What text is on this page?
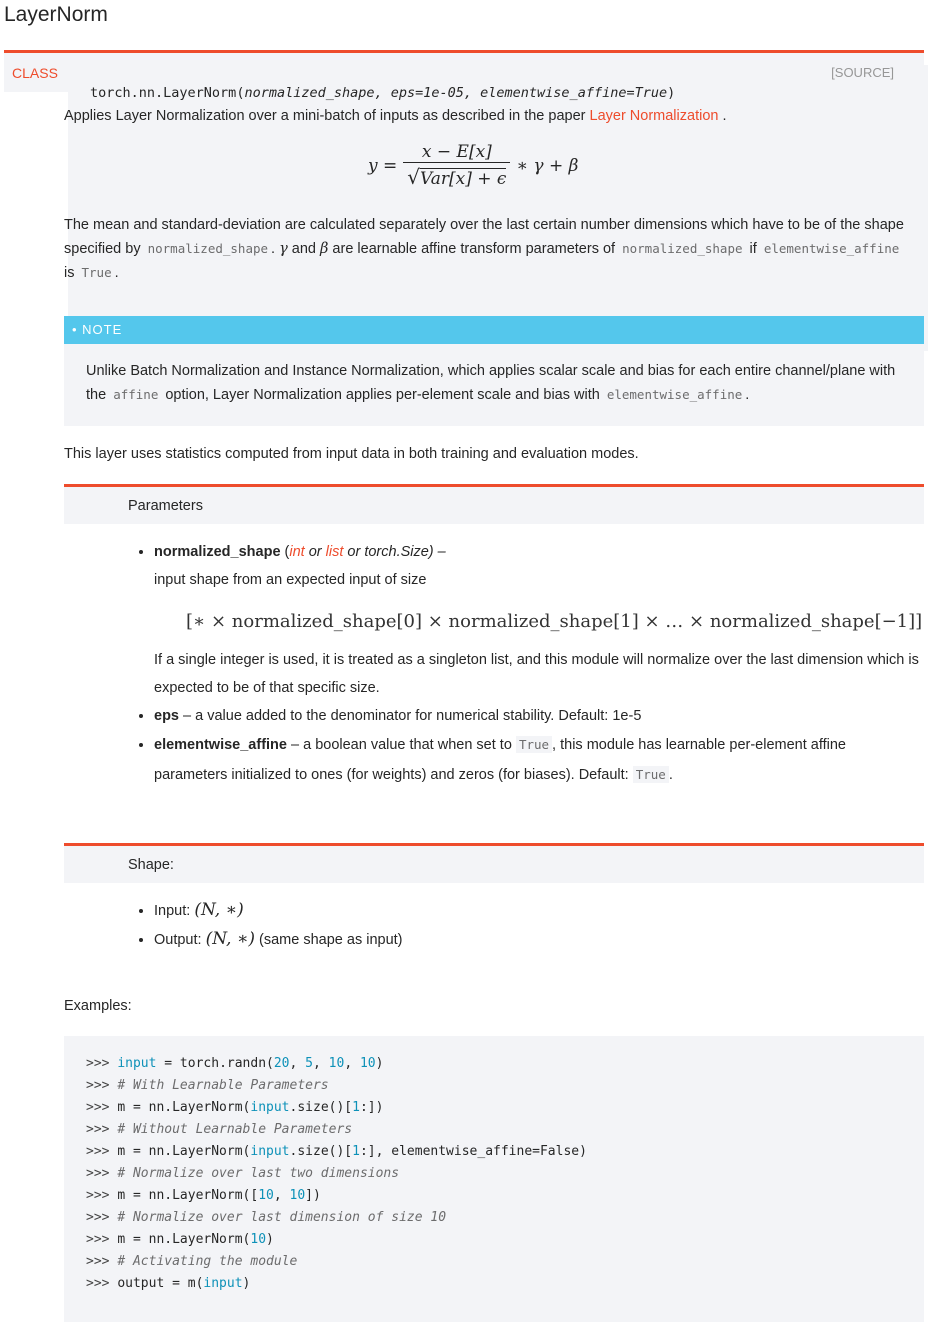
LayerNorm
CLASS
torch.nn.LayerNorm(normalized_shape, eps=1e-05, elementwise_affine=True)
[SOURCE]
Applies Layer Normalization over a mini-batch of inputs as described in the paper Layer Normalization .
y =
x − E[x]
√Var[x] + ϵ
∗ γ + β
The mean and standard-deviation are calculated separately over the last certain number dimensions which have to be of the shape specified by normalized_shape . γ and β are learnable affine transform parameters of normalized_shape if elementwise_affine
is True .
• NOTE
Unlike Batch Normalization and Instance Normalization, which applies scalar scale and bias for each entire channel/plane with the affine option, Layer Normalization applies per-element scale and bias with elementwise_affine .
This layer uses statistics computed from input data in both training and evaluation modes.
Parameters
• normalized_shape (int or list or torch.Size) –
input shape from an expected input of size
[∗ × normalized_shape[0] × normalized_shape[1] × … × normalized_shape[−1]]
If a single integer is used, it is treated as a singleton list, and this module will normalize over the last dimension which is expected to be of that specific size.
• eps – a value added to the denominator for numerical stability. Default: 1e-5
• elementwise_affine – a boolean value that when set to True , this module has learnable per-element affine parameters initialized to ones (for weights) and zeros (for biases). Default: True .
Shape:
• Input: (N, ∗)
• Output: (N, ∗) (same shape as input)
Examples:
>>> input = torch.randn(20, 5, 10, 10)
>>> # With Learnable Parameters
>>> m = nn.LayerNorm(input.size()[1:])
>>> # Without Learnable Parameters
>>> m = nn.LayerNorm(input.size()[1:], elementwise_affine=False)
>>> # Normalize over last two dimensions
>>> m = nn.LayerNorm([10, 10])
>>> # Normalize over last dimension of size 10
>>> m = nn.LayerNorm(10)
>>> # Activating the module
>>> output = m(input)
